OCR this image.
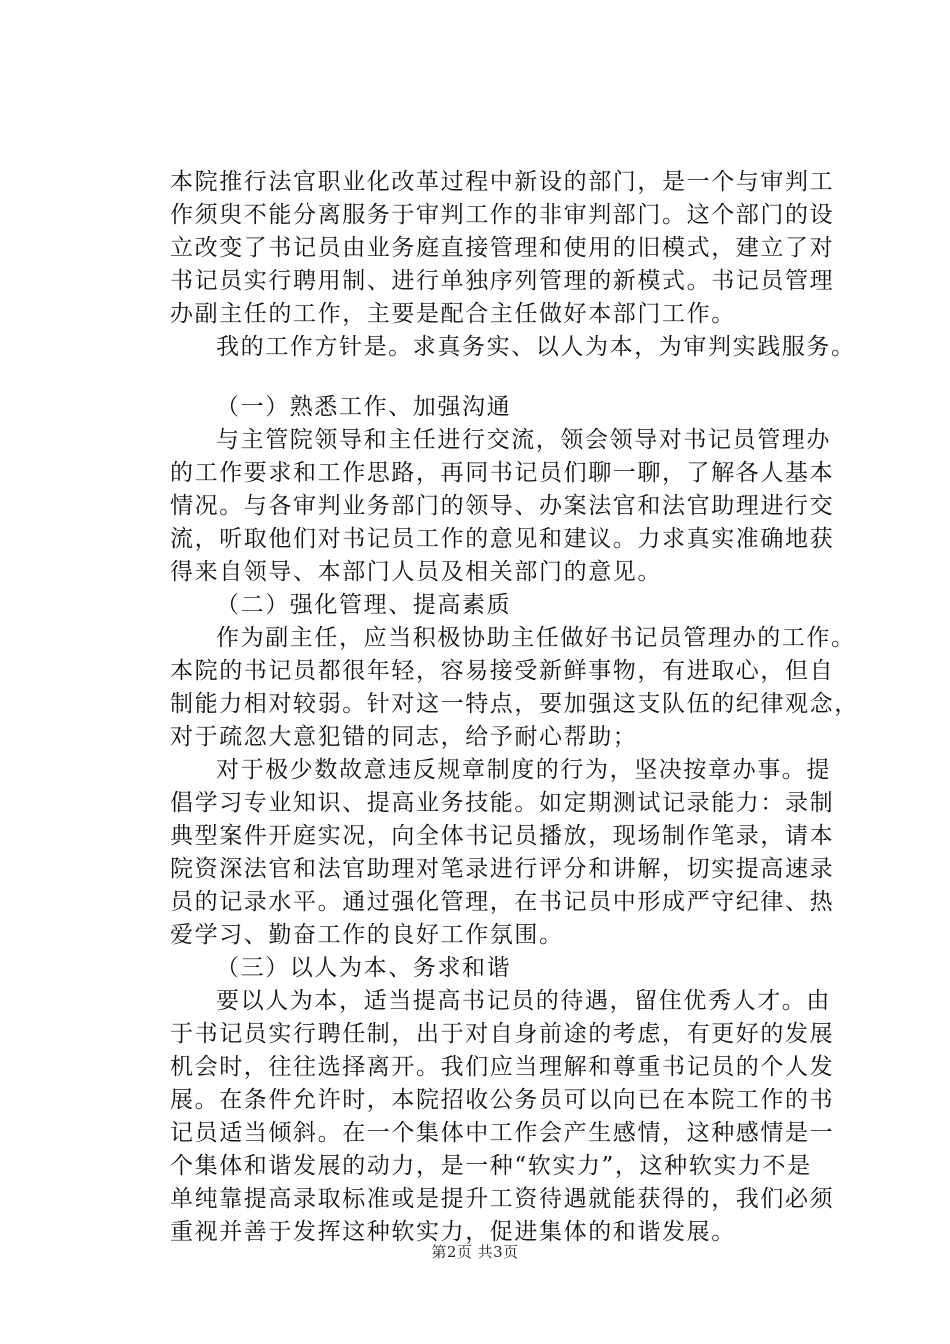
本院推行法官职业化改革过程中新设的部门，是一个与审判工
作须臾不能分离服务于审判工作的非审判部门。这个部门的设
立改变了书记员由业务庭直接管理和使用的旧模式，建立了对
书记员实行聘用制、进行单独序列管理的新模式。书记员管理
办副主任的工作，主要是配合主任做好本部门工作。
我的工作方针是。求真务实、以人为本，为审判实践服务。
（一）熟悉工作、加强沟通
与主管院领导和主任进行交流，领会领导对书记员管理办
的工作要求和工作思路，再同书记员们聊一聊，了解各人基本
情况。与各审判业务部门的领导、办案法官和法官助理进行交
流，听取他们对书记员工作的意见和建议。力求真实准确地获
得来自领导、本部门人员及相关部门的意见。
（二）强化管理、提高素质
作为副主任，应当积极协助主任做好书记员管理办的工作。
本院的书记员都很年轻，容易接受新鲜事物，有进取心，但自
制能力相对较弱。针对这一特点，要加强这支队伍的纪律观念，
对于疏忽大意犯错的同志，给予耐心帮助；
对于极少数故意违反规章制度的行为，坚决按章办事。提
倡学习专业知识、提高业务技能。如定期测试记录能力：录制
典型案件开庭实况，向全体书记员播放，现场制作笔录，请本
院资深法官和法官助理对笔录进行评分和讲解，切实提高速录
员的记录水平。通过强化管理，在书记员中形成严守纪律、热
爱学习、勤奋工作的良好工作氛围。
（三）以人为本、务求和谐
要以人为本，适当提高书记员的待遇，留住优秀人才。由
于书记员实行聘任制，出于对自身前途的考虑，有更好的发展
机会时，往往选择离开。我们应当理解和尊重书记员的个人发
展。在条件允许时，本院招收公务员可以向已在本院工作的书
记员适当倾斜。在一个集体中工作会产生感情，这种感情是一
个集体和谐发展的动力，是一种“软实力”，这种软实力不是
单纯靠提高录取标准或是提升工资待遇就能获得的，我们必须
重视并善于发挥这种软实力，促进集体的和谐发展。
第2页 共3页
